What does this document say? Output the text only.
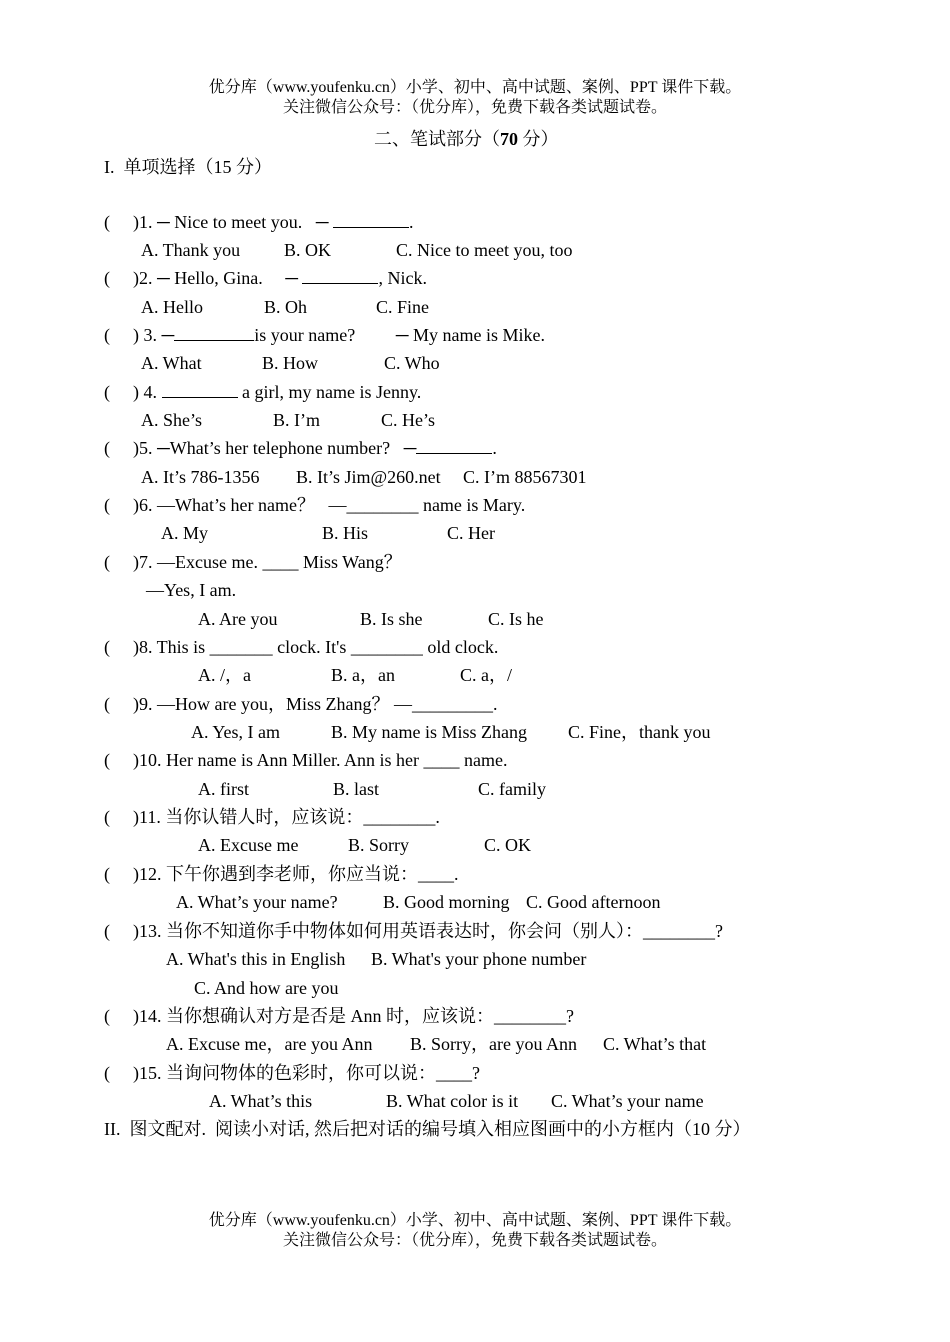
优分库（www.youfenku.cn）小学、初中、高中试题、案例、PPT 课件下载。
关注微信公众号：（优分库），免费下载各类试题试卷。
二、笔试部分（70 分）
I.  单项选择（15 分）
( )1. ─ Nice to meet you.   ─	.
A. Thank you B. OK	C. Nice to meet you, too
( )2. ─ Hello, Gina.     ─	, Nick.
A. Hello	B. Oh	C. Fine
( ) 3. ─	is your name?         ─ My name is Mike.
A. What	B. How	C. Who
( ) 4.	a girl, my name is Jenny.
A. She’s	B. I’m	C. He’s
( )5. ─What’s her telephone number?   ─	.
A. It’s 786-1356 B. It’s Jim@260.net C. I’m 88567301
( )6. —What’s her name？   —________ name is Mary.
A. My	B. His	C. Her
( )7. —Excuse me. ____ Miss Wang？
—Yes, I am.
A. Are you	B. Is she	C. Is he
( )8. This is _______ clock. It's ________ old clock.
A. /，a	B. a，an	C. a，/
( )9. —How are you，Miss Zhang？ —_________.
A. Yes, I am	B. My name is Miss Zhang C. Fine，thank you
( )10. Her name is Ann Miller. Ann is her ____ name.
A. first	B. last	C. family
( )11. 当你认错人时，应该说：________.
A. Excuse me	B. Sorry	C. OK
( )12. 下午你遇到李老师，你应当说：____.
A. What’s your name?	B. Good morning C. Good afternoon
( )13. 当你不知道你手中物体如何用英语表达时，你会问（别人）：________?
A. What's this in English B. What's your phone number
C. And how are you
( )14. 当你想确认对方是否是 Ann 时，应该说：________?
A. Excuse me，are you Ann B. Sorry，are you Ann C. What’s that
( )15. 当询问物体的色彩时，你可以说：____?
A. What’s this	B. What color is it C. What’s your name
II.  图文配对.  阅读小对话, 然后把对话的编号填入相应图画中的小方框内（10 分）
优分库（www.youfenku.cn）小学、初中、高中试题、案例、PPT 课件下载。
关注微信公众号：（优分库），免费下载各类试题试卷。
